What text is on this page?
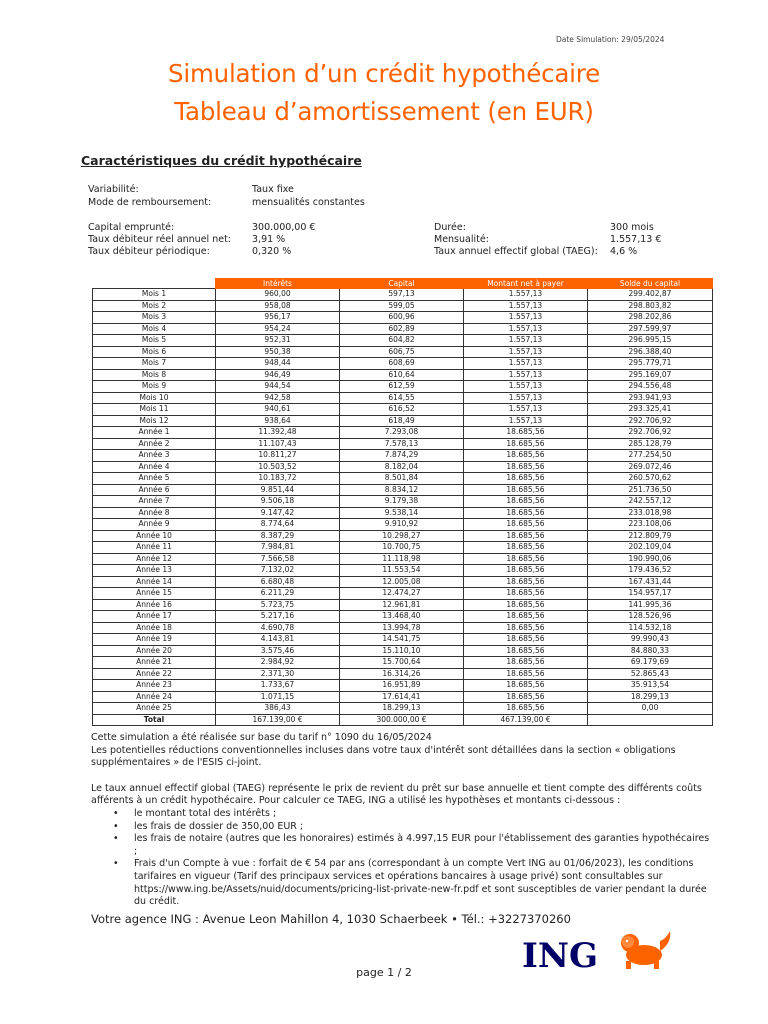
Date Simulation: 29/05/2024
Simulation d’un crédit hypothécaire
Tableau d’amortissement (en EUR)
Caractéristiques du crédit hypothécaire
Variabilité:	Taux fixe
Mode de remboursement:	mensualités constantes
Capital emprunté:	300.000,00 €
Taux débiteur réel annuel net: 3,91 %
Taux débiteur périodique:	0,320 %
Durée:	300 mois
Mensualité:	1.557,13 €
Taux annuel effectif global (TAEG): 4,6 %
	Intérêts	Capital	Montant net à payer	Solde du capital
Mois 1	960,00	597,13	1.557,13	299.402,87
Mois 2	958,08	599,05	1.557,13	298.803,82
Mois 3	956,17	600,96	1.557,13	298.202,86
Mois 4	954,24	602,89	1.557,13	297.599,97
Mois 5	952,31	604,82	1.557,13	296.995,15
Mois 6	950,38	606,75	1.557,13	296.388,40
Mois 7	948,44	608,69	1.557,13	295.779,71
Mois 8	946,49	610,64	1.557,13	295.169,07
Mois 9	944,54	612,59	1.557,13	294.556,48
Mois 10	942,58	614,55	1.557,13	293.941,93
Mois 11	940,61	616,52	1.557,13	293.325,41
Mois 12	938,64	618,49	1.557,13	292.706,92
Année 1	11.392,48	7.293,08	18.685,56	292.706,92
Année 2	11.107,43	7.578,13	18.685,56	285.128,79
Année 3	10.811,27	7.874,29	18.685,56	277.254,50
Année 4	10.503,52	8.182,04	18.685,56	269.072,46
Année 5	10.183,72	8.501,84	18.685,56	260.570,62
Année 6	9.851,44	8.834,12	18.685,56	251.736,50
Année 7	9.506,18	9.179,38	18.685,56	242.557,12
Année 8	9.147,42	9.538,14	18.685,56	233.018,98
Année 9	8.774,64	9.910,92	18.685,56	223.108,06
Année 10	8.387,29	10.298,27	18.685,56	212.809,79
Année 11	7.984,81	10.700,75	18.685,56	202.109,04
Année 12	7.566,58	11.118,98	18.685,56	190.990,06
Année 13	7.132,02	11.553,54	18.685,56	179.436,52
Année 14	6.680,48	12.005,08	18.685,56	167.431,44
Année 15	6.211,29	12.474,27	18.685,56	154.957,17
Année 16	5.723,75	12.961,81	18.685,56	141.995,36
Année 17	5.217,16	13.468,40	18.685,56	128.526,96
Année 18	4.690,78	13.994,78	18.685,56	114.532,18
Année 19	4.143,81	14.541,75	18.685,56	99.990,43
Année 20	3.575,46	15.110,10	18.685,56	84.880,33
Année 21	2.984,92	15.700,64	18.685,56	69.179,69
Année 22	2.371,30	16.314,26	18.685,56	52.865,43
Année 23	1.733,67	16.951,89	18.685,56	35.913,54
Année 24	1.071,15	17.614,41	18.685,56	18.299,13
Année 25	386,43	18.299,13	18.685,56	0,00
Total	167.139,00 €	300.000,00 €	467.139,00 €	

Cette simulation a été réalisée sur base du tarif n° 1090 du 16/05/2024

Les potentielles réductions conventionnelles incluses dans votre taux d'intérêt sont détaillées dans la section « obligations supplémentaires » de l'ESIS ci-joint.

Le taux annuel effectif global (TAEG) représente le prix de revient du prêt sur base annuelle et tient compte des différents coûts afférents à un crédit hypothécaire. Pour calculer ce TAEG, ING a utilisé les hypothèses et montants ci-dessous :

• le montant total des intérêts ;
• les frais de dossier de 350,00 EUR ;
• les frais de notaire (autres que les honoraires) estimés à 4.997,15 EUR pour l'établissement des garanties hypothécaires ;
• Frais d'un Compte à vue : forfait de € 54 par ans (correspondant à un compte Vert ING au 01/06/2023), les conditions tarifaires en vigueur (Tarif des principaux services et opérations bancaires à usage privé) sont consultables sur https://www.ing.be/Assets/nuid/documents/pricing-list-private-new-fr.pdf et sont susceptibles de varier pendant la durée du crédit.
Votre agence ING : Avenue Leon Mahillon 4, 1030 Schaerbeek • Tél.: +3227370260
ING
page 1 / 2
